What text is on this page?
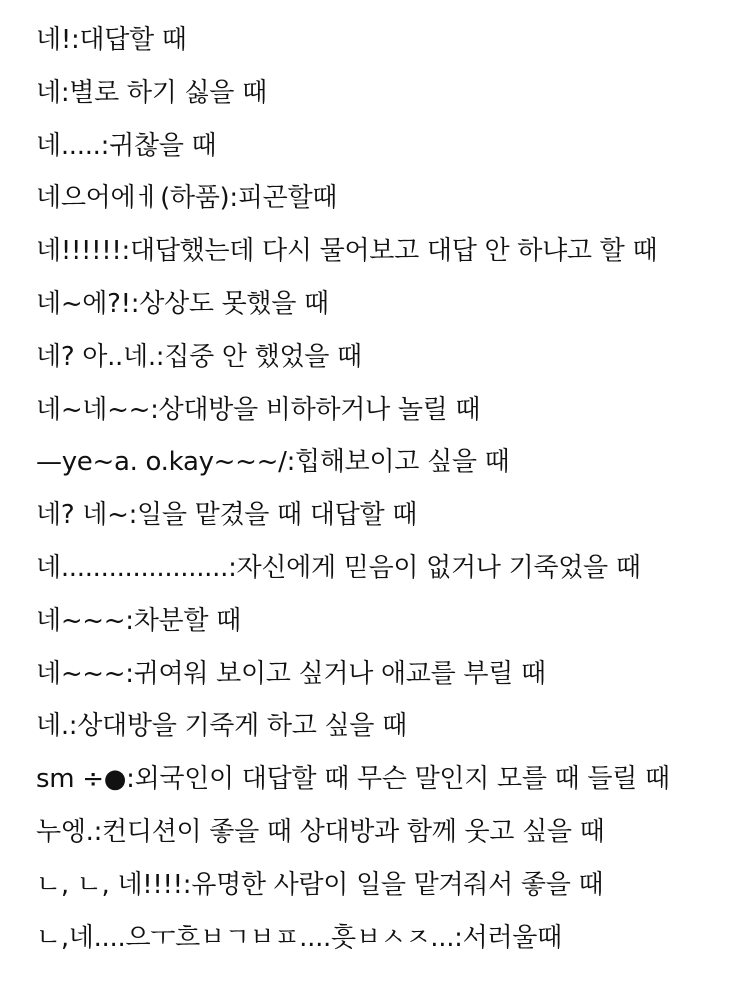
네!:대답할 때
네:별로 하기 싫을 때
네.....:귀찮을 때
네으어에ㅔ(하품):피곤할때
네!!!!!!:대답했는데 다시 물어보고 대답 안 하냐고 할 때
네~에?!:상상도 못했을 때
네? 아..네.:집중 안 했었을 때
네~네~~:상대방을 비하하거나 놀릴 때
—ye~a. o.kay~~~/:힙해보이고 싶을 때
네? 네~:일을 맡겼을 때 대답할 때
네.....................:자신에게 믿음이 없거나 기죽었을 때
네~~~:차분할 때
네~~~:귀여워 보이고 싶거나 애교를 부릴 때
네.:상대방을 기죽게 하고 싶을 때
sm ÷●:외국인이 대답할 때 무슨 말인지 모를 때 들릴 때
누엥.:컨디션이 좋을 때 상대방과 함께 웃고 싶을 때
ㄴ, ㄴ, 네!!!!:유명한 사람이 일을 맡겨줘서 좋을 때
ㄴ,네....으ㅜ흐ㅂㄱㅂㅍ....흣ㅂㅅㅈ...:서러울때
